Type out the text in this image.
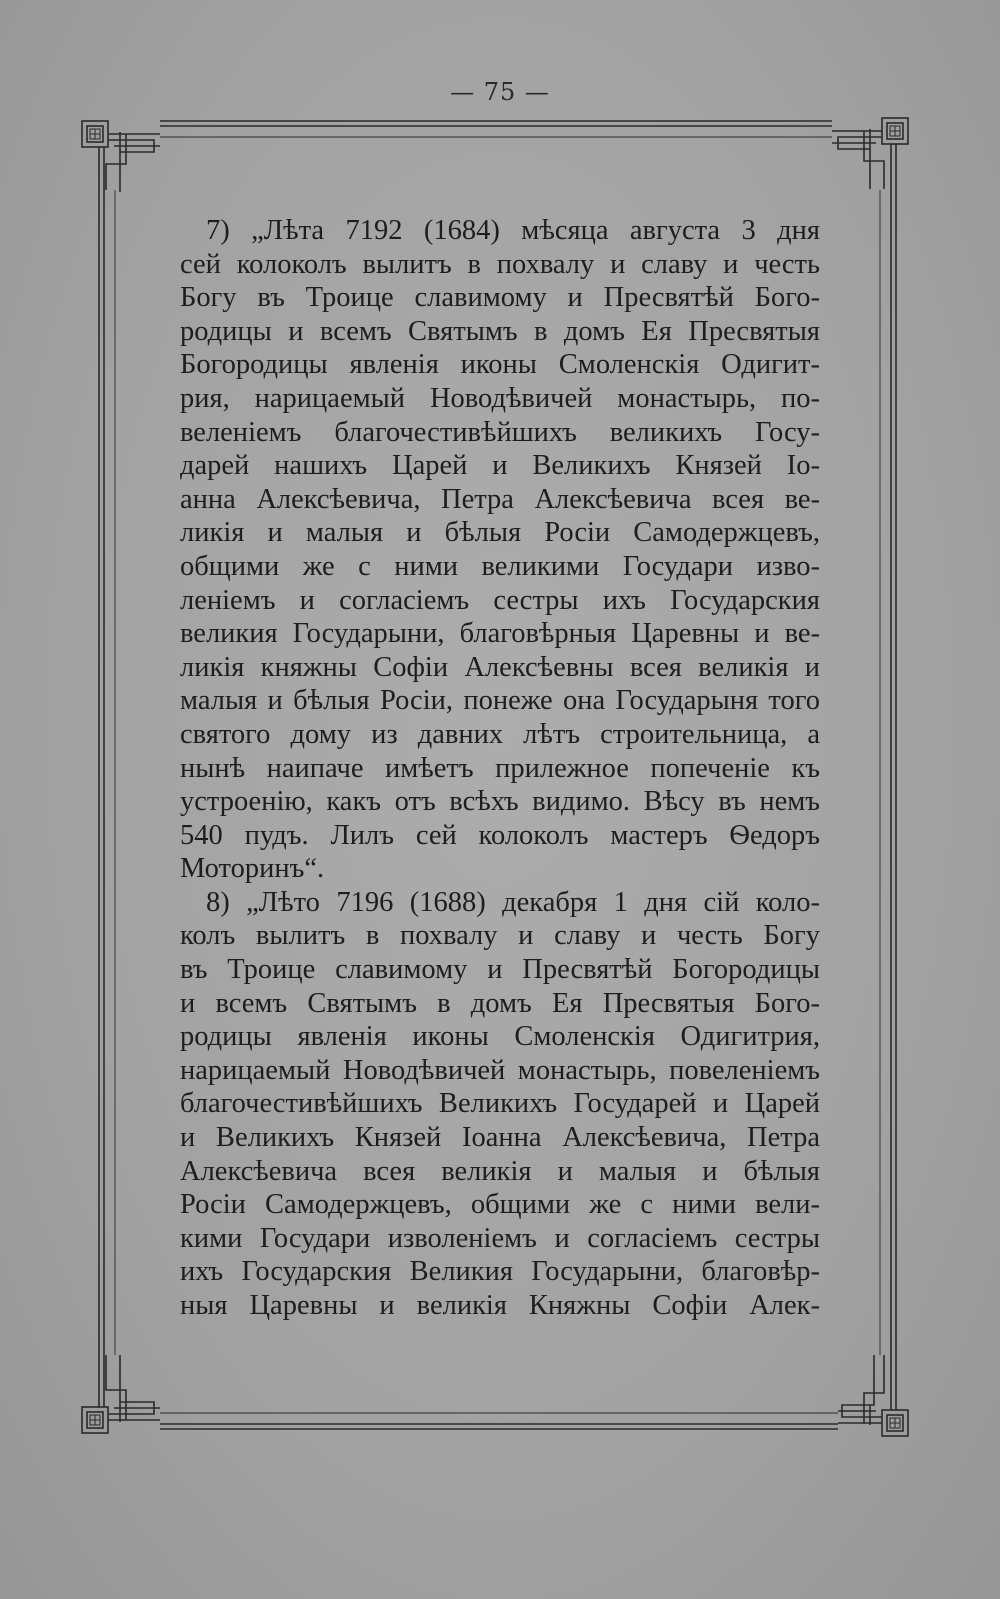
— 75 —
7) „Лѣта 7192 (1684) мѣсяца августа 3 дня
сей колоколъ вылитъ в похвалу и славу и честь
Богу въ Троице славимому и Пресвятѣй Бого-
родицы и всемъ Святымъ в домъ Ея Пресвятыя
Богородицы явленія иконы Смоленскія Одигит-
рия, нарицаемый Новодѣвичей монастырь, по-
веленіемъ благочестивѣйшихъ великихъ Госу-
дарей нашихъ Царей и Великихъ Князей Іо-
анна Алексѣевича, Петра Алексѣевича всея ве-
ликія и малыя и бѣлыя Росіи Самодержцевъ,
общими же с ними великими Государи изво-
леніемъ и согласіемъ сестры ихъ Государския
великия Государыни, благовѣрныя Царевны и ве-
ликія княжны Софіи Алексѣевны всея великія и
малыя и бѣлыя Росіи, понеже она Государыня того
святого дому из давних лѣтъ строительница, а
нынѣ наипаче имѣетъ прилежное попеченіе къ
устроенію, какъ отъ всѣхъ видимо. Вѣсу въ немъ
540 пудъ. Лилъ сей колоколъ мастеръ Ѳедоръ
Моторинъ“.
8) „Лѣто 7196 (1688) декабря 1 дня сій коло-
колъ вылитъ в похвалу и славу и честь Богу
въ Троице славимому и Пресвятѣй Богородицы
и всемъ Святымъ в домъ Ея Пресвятыя Бого-
родицы явленія иконы Смоленскія Одигитрия,
нарицаемый Новодѣвичей монастырь, повеленіемъ
благочестивѣйшихъ Великихъ Государей и Царей
и Великихъ Князей Іоанна Алексѣевича, Петра
Алексѣевича всея великія и малыя и бѣлыя
Росіи Самодержцевъ, общими же с ними вели-
кими Государи изволеніемъ и согласіемъ сестры
ихъ Государския Великия Государыни, благовѣр-
ныя Царевны и великія Княжны Софіи Алек-
